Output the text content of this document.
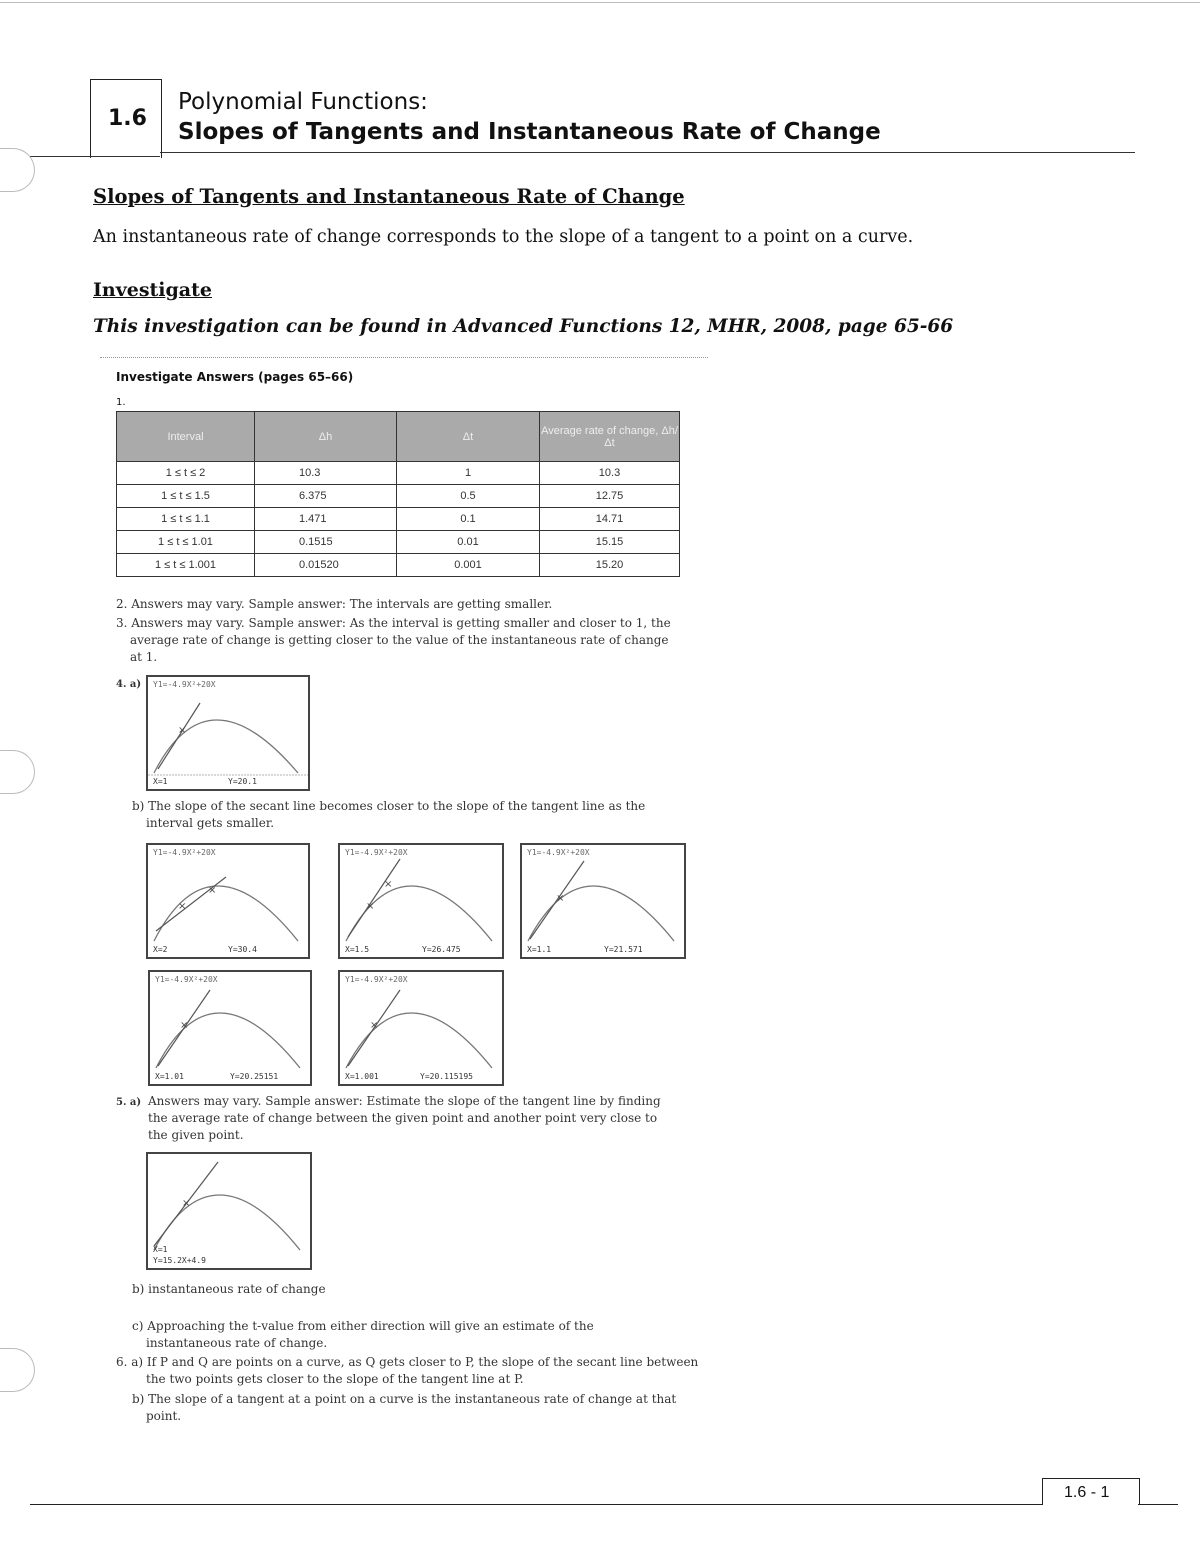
1.6
Polynomial Functions:
Slopes of Tangents and Instantaneous Rate of Change
Slopes of Tangents and Instantaneous Rate of Change
An instantaneous rate of change corresponds to the slope of a tangent to a point on a curve.
Investigate
This investigation can be found in Advanced Functions 12, MHR, 2008, page 65-66
Investigate Answers (pages 65–66)
1.
Interval	Δh	Δt	Average rate of change, Δh/Δt
1 ≤ t ≤ 2	10.3	1	10.3
1 ≤ t ≤ 1.5	6.375	0.5	12.75
1 ≤ t ≤ 1.1	1.471	0.1	14.71
1 ≤ t ≤ 1.01	0.1515	0.01	15.15
1 ≤ t ≤ 1.001	0.01520	0.001	15.20
2. Answers may vary. Sample answer: The intervals are getting smaller.
3. Answers may vary. Sample answer: As the interval is getting smaller and closer to 1, the average rate of change is getting closer to the value of the instantaneous rate of change at 1.
4. a)
×
Y1=-4.9X²+20X
X=1	Y=20.1
b) The slope of the secant line becomes closer to the slope of the tangent line as the interval gets smaller.
×
×
Y1=-4.9X²+20X
X=2	Y=30.4
×
×
Y1=-4.9X²+20X
X=1.5	Y=26.475
×
Y1=-4.9X²+20X
X=1.1	Y=21.571
×
Y1=-4.9X²+20X
X=1.01	Y=20.25151
×
Y1=-4.9X²+20X
X=1.001	Y=20.115195
5. a) Answers may vary. Sample answer: Estimate the slope of the tangent line by finding the average rate of change between the given point and another point very close to the given point.
×
X=1
Y=15.2X+4.9
b) instantaneous rate of change
c) Approaching the t-value from either direction will give an estimate of the instantaneous rate of change.
6. a) If P and Q are points on a curve, as Q gets closer to P, the slope of the secant line between the two points gets closer to the slope of the tangent line at P.
b) The slope of a tangent at a point on a curve is the instantaneous rate of change at that point.
1.6 - 1
